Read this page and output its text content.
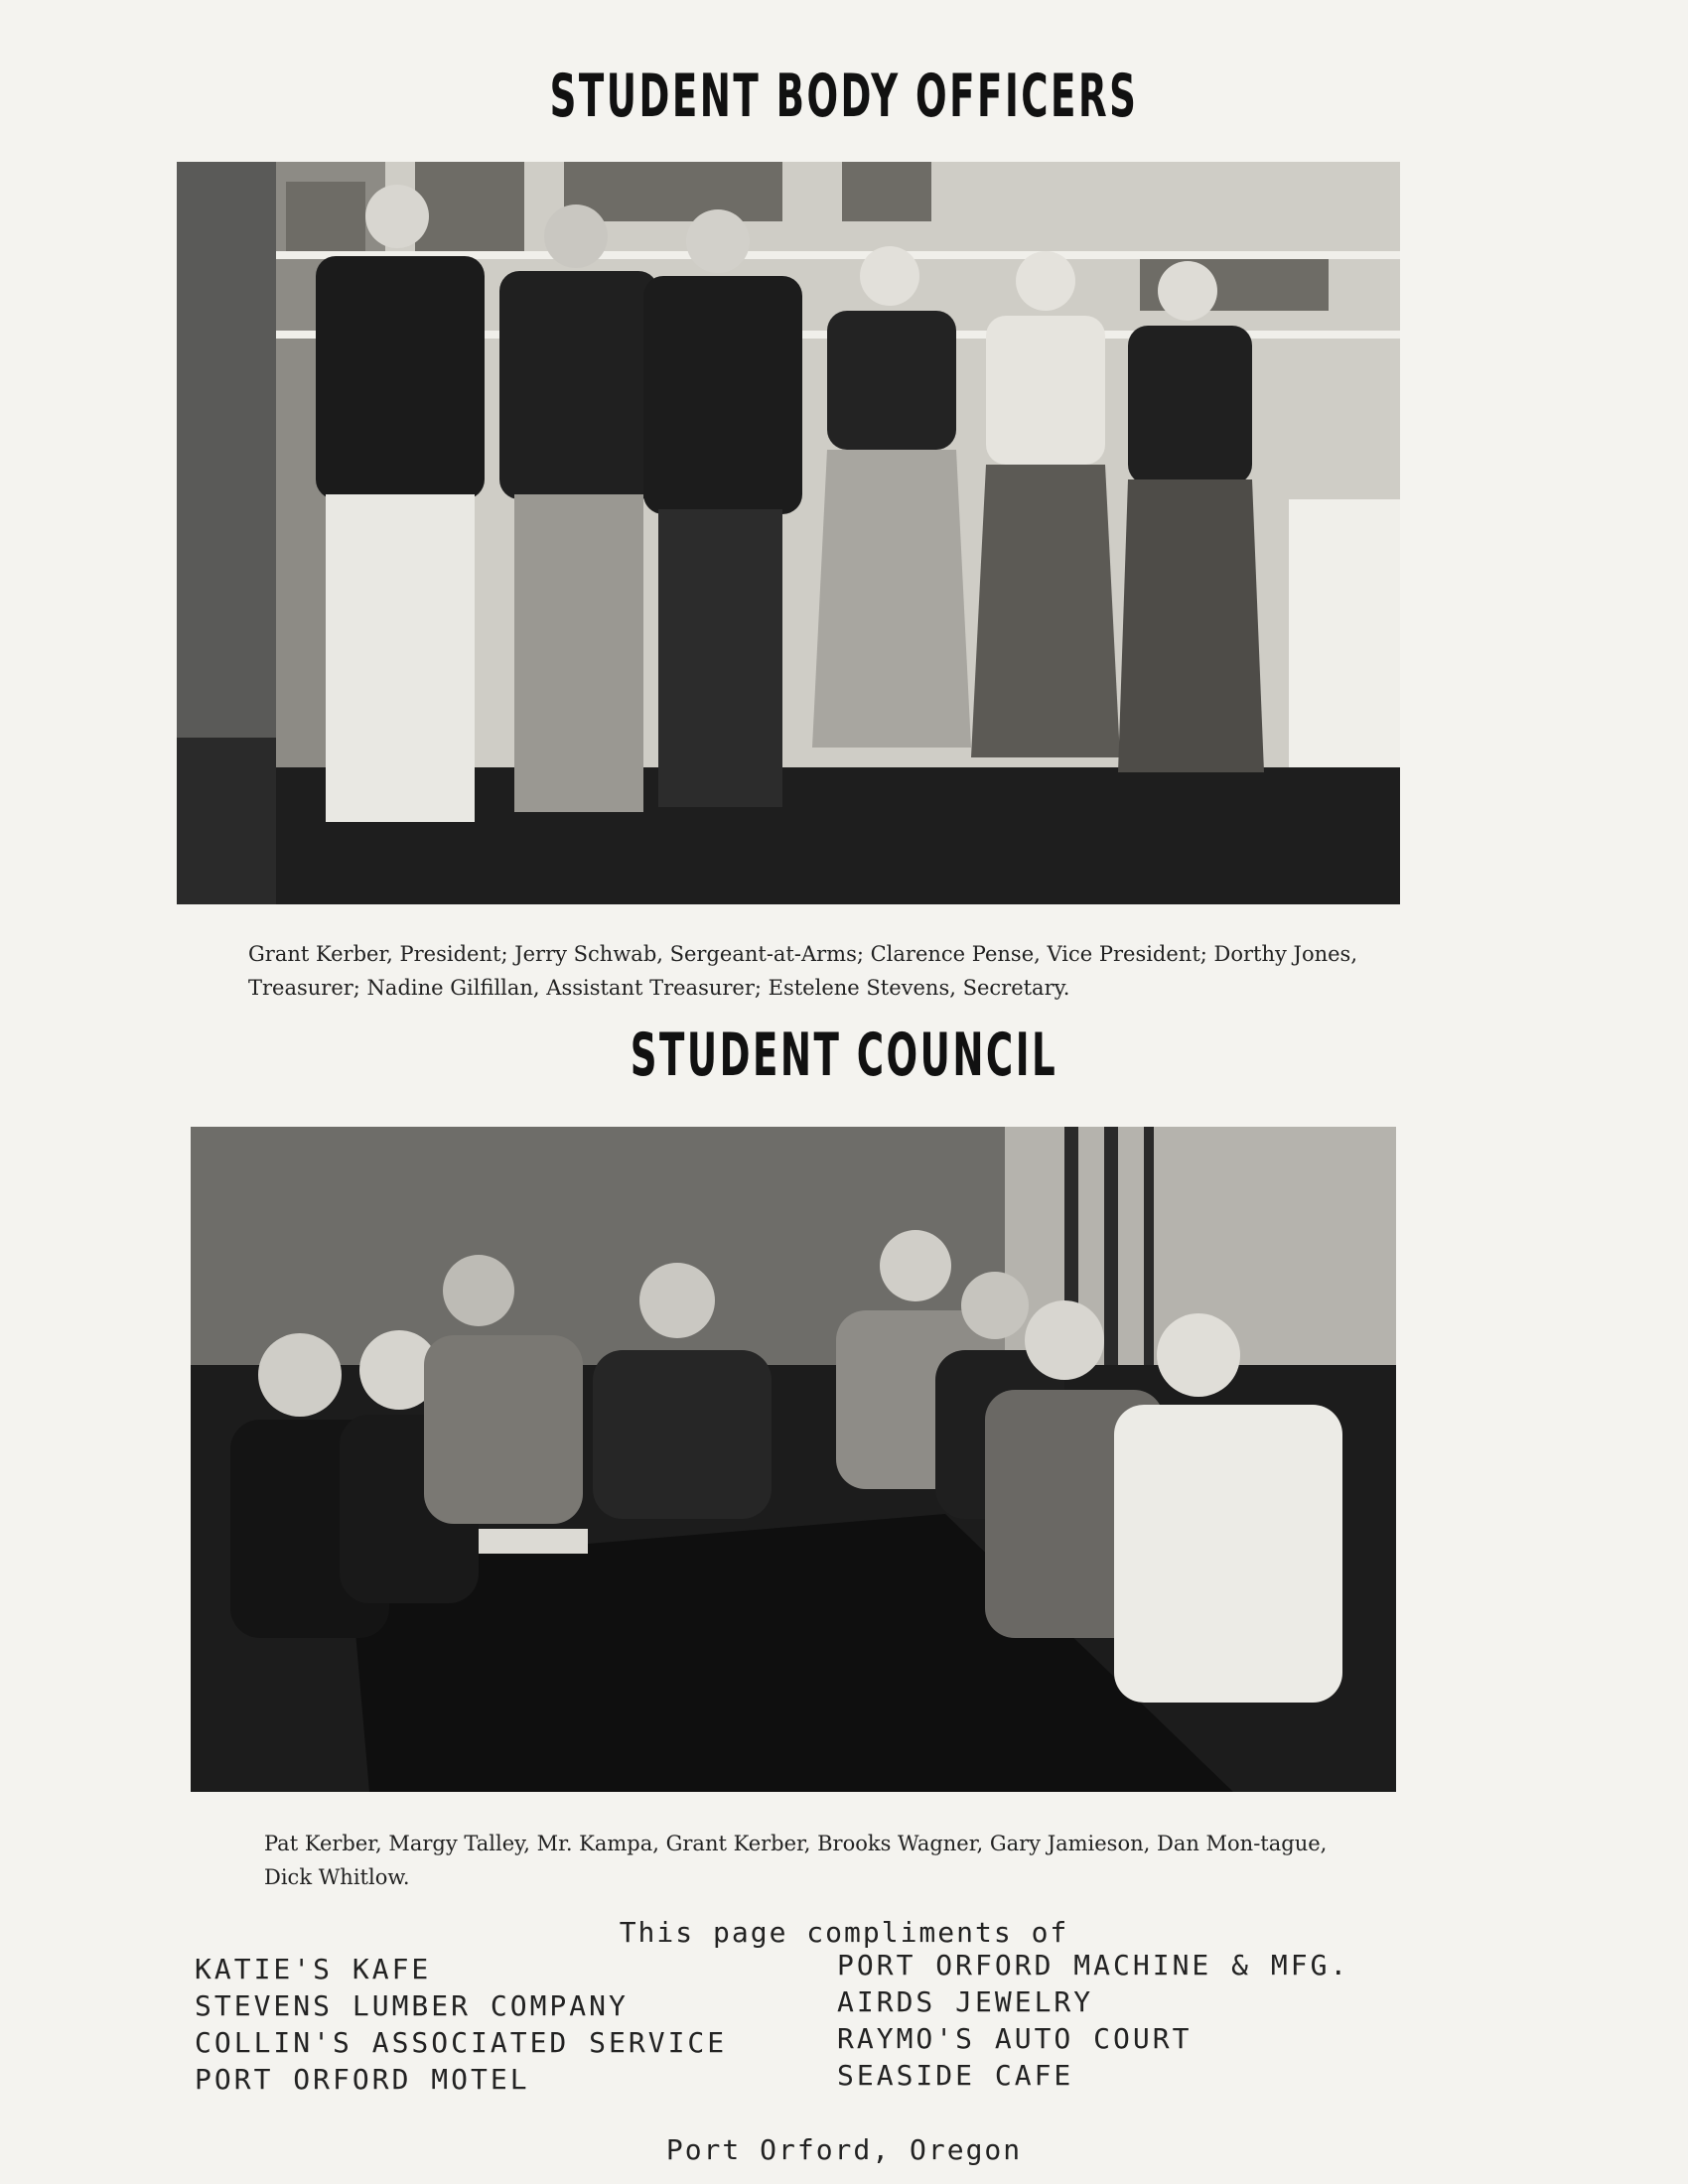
STUDENT BODY OFFICERS

Grant Kerber, President; Jerry Schwab, Sergeant-at-Arms; Clarence Pense, Vice President; Dorthy Jones, Treasurer; Nadine Gilfillan, Assistant Treasurer; Estelene Stevens, Secretary.

STUDENT COUNCIL

Pat Kerber, Margy Talley, Mr. Kampa, Grant Kerber, Brooks Wagner, Gary Jamieson, Dan Mon-tague, Dick Whitlow.

This page compliments of
KATIE'S KAFE
STEVENS LUMBER COMPANY
COLLIN'S ASSOCIATED SERVICE
PORT ORFORD MOTEL
PORT ORFORD MACHINE & MFG.
AIRDS JEWELRY
RAYMO'S AUTO COURT
SEASIDE CAFE
Port Orford, Oregon
